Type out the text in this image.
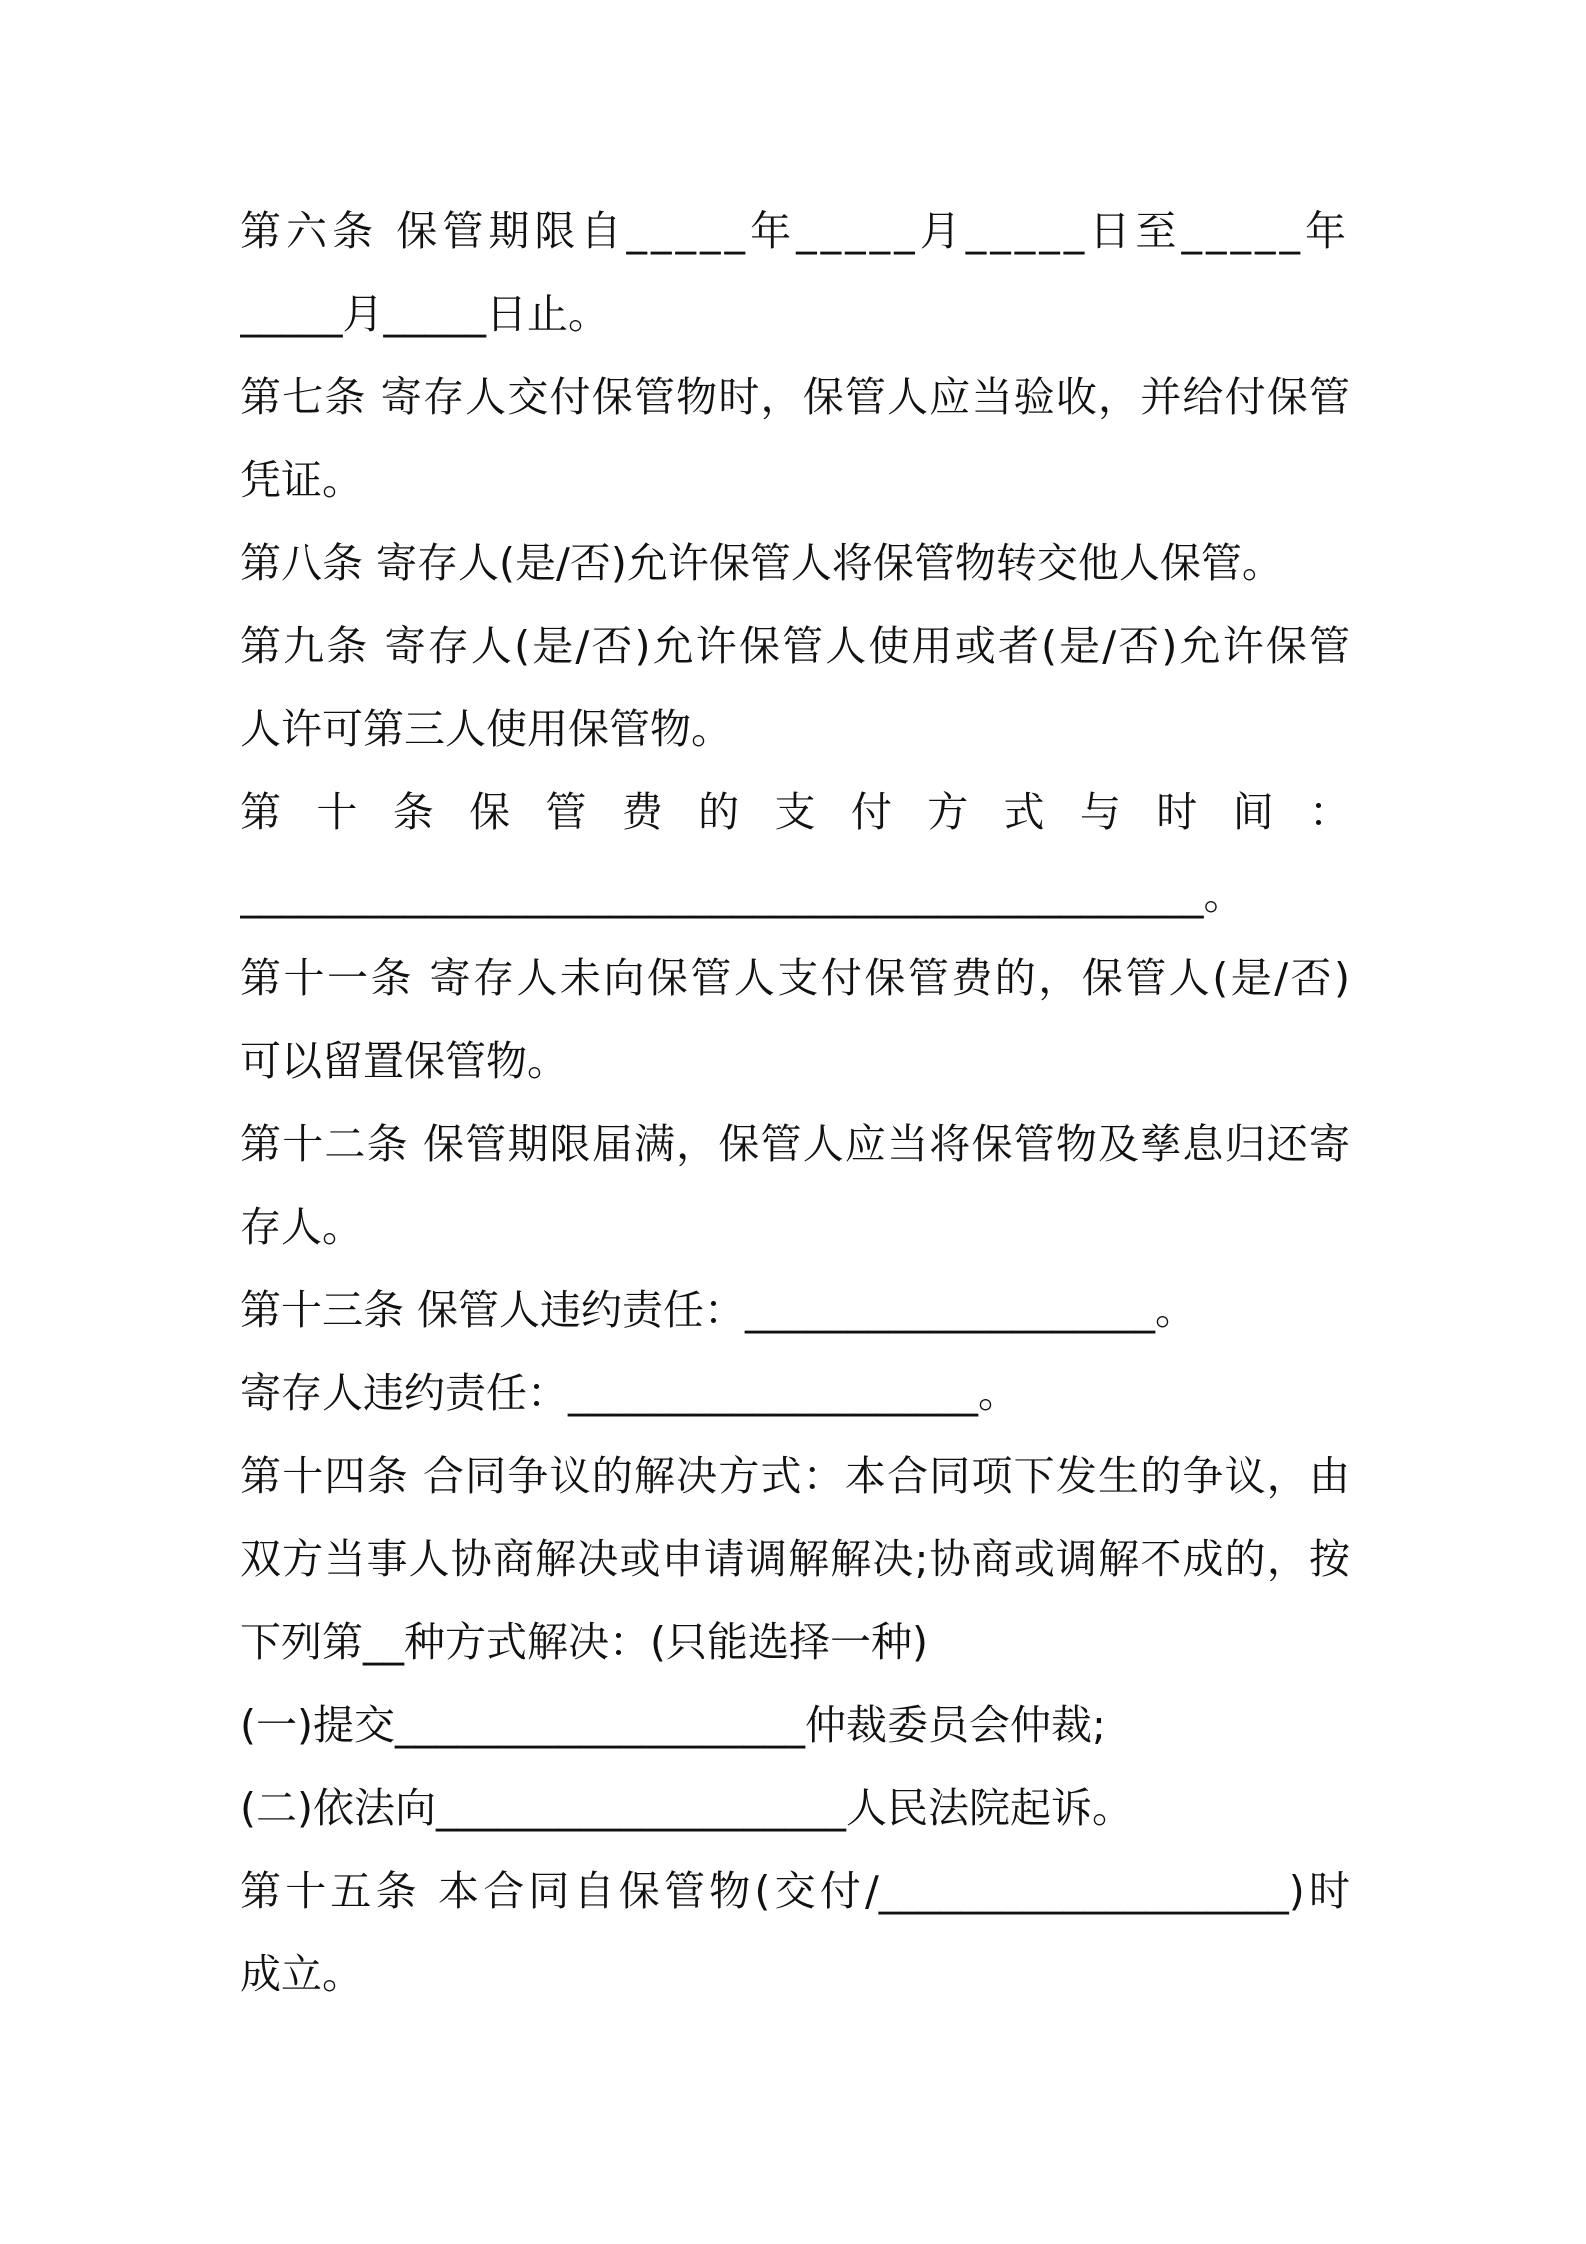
第六条 保管期限自_____年_____月_____日至_____年
_____月_____日止。
第七条 寄存人交付保管物时，保管人应当验收，并给付保管
凭证。
第八条 寄存人(是/否)允许保管人将保管物转交他人保管。
第九条 寄存人(是/否)允许保管人使用或者(是/否)允许保管
人许可第三人使用保管物。
第 十 条 保 管 费 的 支 付 方 式 与 时 间 ：
_______________________________________________。
第十一条 寄存人未向保管人支付保管费的，保管人(是/否)
可以留置保管物。
第十二条 保管期限届满，保管人应当将保管物及孳息归还寄
存人。
第十三条 保管人违约责任：____________________。
寄存人违约责任：____________________。
第十四条 合同争议的解决方式：本合同项下发生的争议，由
双方当事人协商解决或申请调解解决;协商或调解不成的，按
下列第__种方式解决：(只能选择一种)
(一)提交____________________仲裁委员会仲裁;
(二)依法向____________________人民法院起诉。
第十五条 本合同自保管物(交付/____________________)时
成立。
